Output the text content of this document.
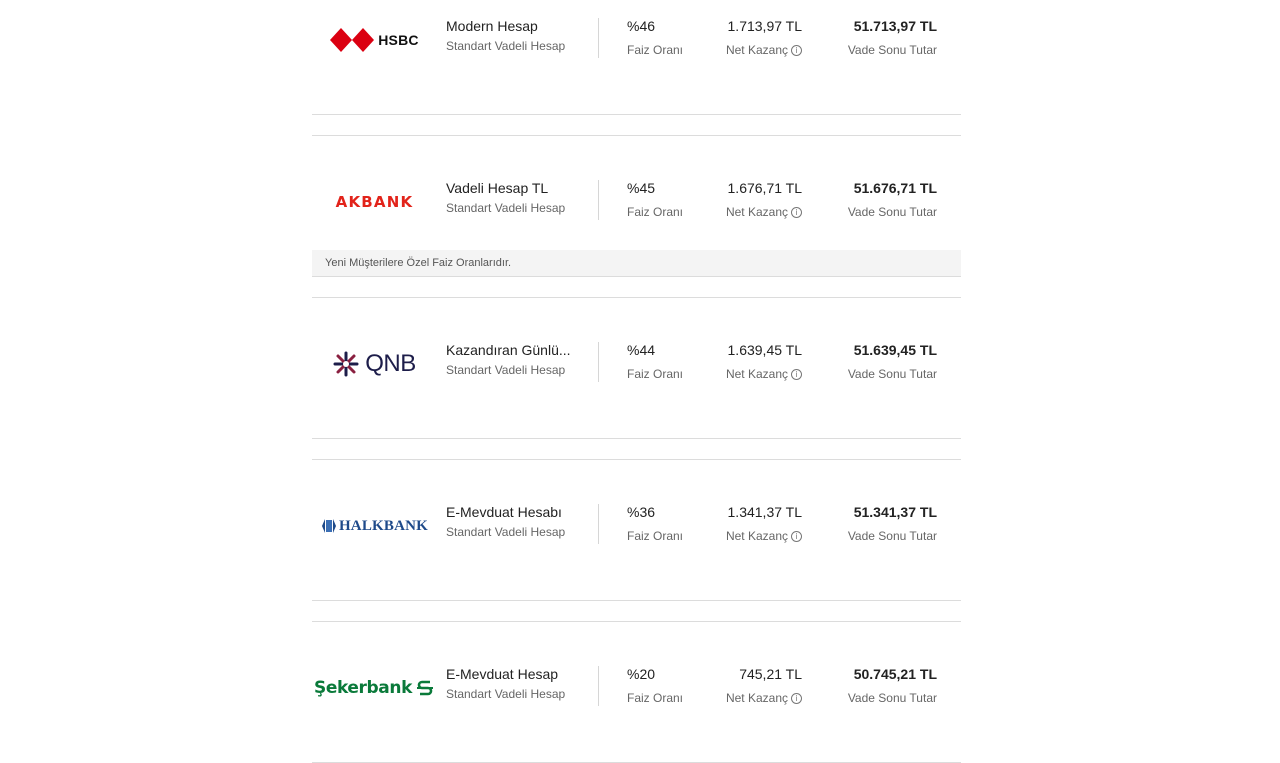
HSBC
Modern Hesap
Standart Vadeli Hesap
%46
Faiz Oranı
1.713,97 TL
Net Kazanç i
51.713,97 TL
Vade Sonu Tutar
AKBANK
Vadeli Hesap TL
Standart Vadeli Hesap
%45
Faiz Oranı
1.676,71 TL
Net Kazanç i
51.676,71 TL
Vade Sonu Tutar
Yeni Müşterilere Özel Faiz Oranlarıdır.
QNB Kazandıran Günlü...
Standart Vadeli Hesap
%44
Faiz Oranı
1.639,45 TL
Net Kazanç i
51.639,45 TL
Vade Sonu Tutar
HALKBANK
E-Mevduat Hesabı
Standart Vadeli Hesap
%36
Faiz Oranı
1.341,37 TL
Net Kazanç i
51.341,37 TL
Vade Sonu Tutar
Şekerbank
E-Mevduat Hesap
Standart Vadeli Hesap
%20
Faiz Oranı
745,21 TL
Net Kazanç i
50.745,21 TL
Vade Sonu Tutar
